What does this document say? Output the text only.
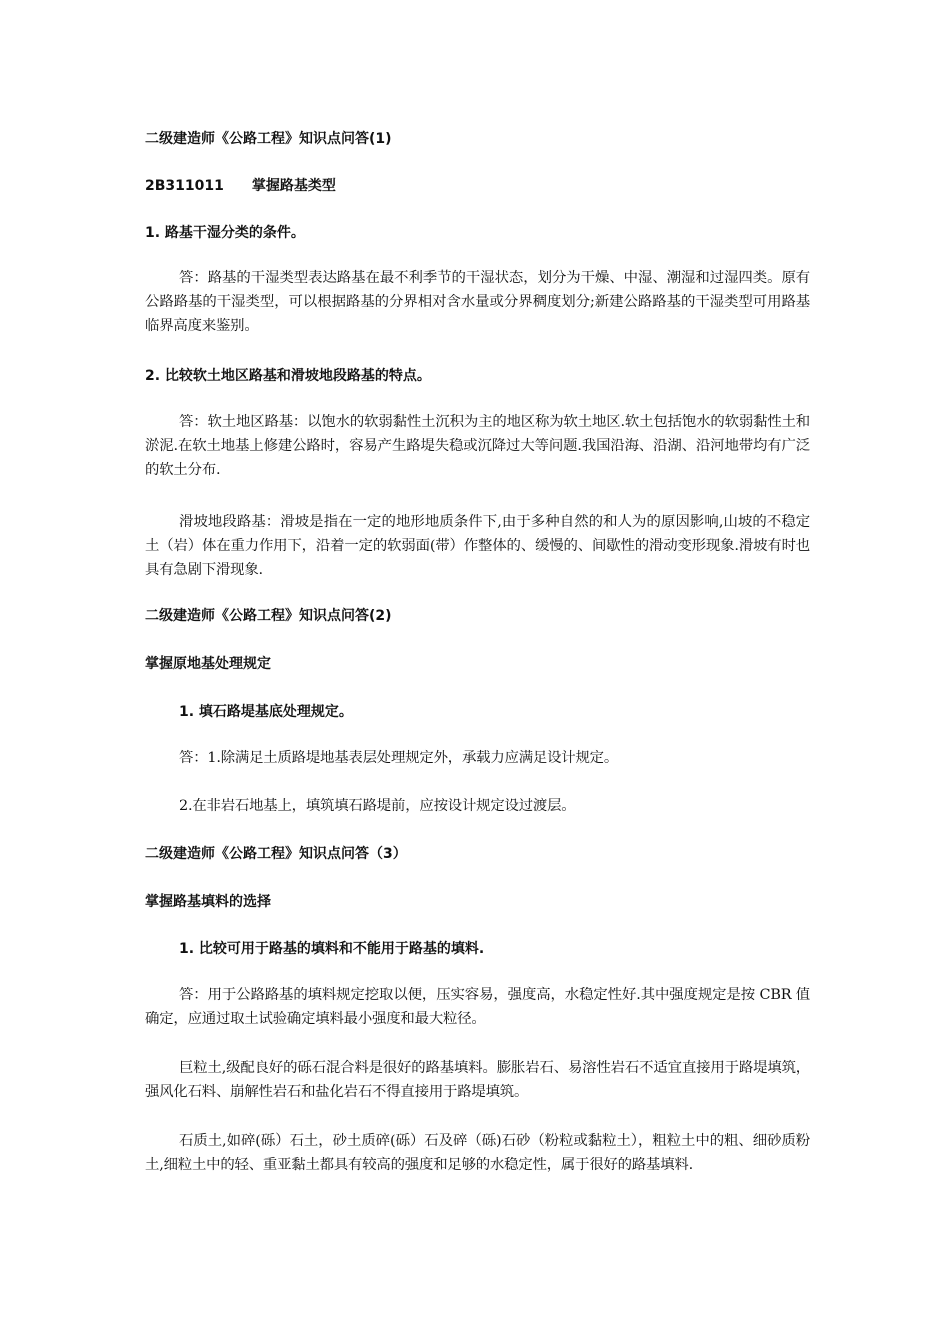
二级建造师《公路工程》知识点问答(1)
2B311011 掌握路基类型
1. 路基干湿分类的条件。

答：路基的干湿类型表达路基在最不利季节的干湿状态，划分为干燥、中湿、潮湿和过湿四类。原有公路路基的干湿类型，可以根据路基的分界相对含水量或分界稠度划分;新建公路路基的干湿类型可用路基临界高度来鉴别。

2. 比较软土地区路基和滑坡地段路基的特点。

答：软土地区路基：以饱水的软弱黏性土沉积为主的地区称为软土地区.软土包括饱水的软弱黏性土和淤泥.在软土地基上修建公路时，容易产生路堤失稳或沉降过大等问题.我国沿海、沿湖、沿河地带均有广泛的软土分布.

滑坡地段路基：滑坡是指在一定的地形地质条件下,由于多种自然的和人为的原因影响,山坡的不稳定土（岩）体在重力作用下，沿着一定的软弱面(带）作整体的、缓慢的、间歇性的滑动变形现象.滑坡有时也具有急剧下滑现象.

二级建造师《公路工程》知识点问答(2)
掌握原地基处理规定
1. 填石路堤基底处理规定。

答：1.除满足土质路堤地基表层处理规定外，承载力应满足设计规定。

2.在非岩石地基上，填筑填石路堤前，应按设计规定设过渡层。

二级建造师《公路工程》知识点问答（3）
掌握路基填料的选择
1. 比较可用于路基的填料和不能用于路基的填料.

答：用于公路路基的填料规定挖取以便，压实容易，强度高，水稳定性好.其中强度规定是按 CBR 值确定，应通过取土试验确定填料最小强度和最大粒径。

巨粒土,级配良好的砾石混合料是很好的路基填料。膨胀岩石、易溶性岩石不适宜直接用于路堤填筑，强风化石料、崩解性岩石和盐化岩石不得直接用于路堤填筑。

石质土,如碎(砾）石土，砂土质碎(砾）石及碎（砾)石砂（粉粒或黏粒土），粗粒土中的粗、细砂质粉土,细粒土中的轻、重亚黏土都具有较高的强度和足够的水稳定性，属于很好的路基填料.
